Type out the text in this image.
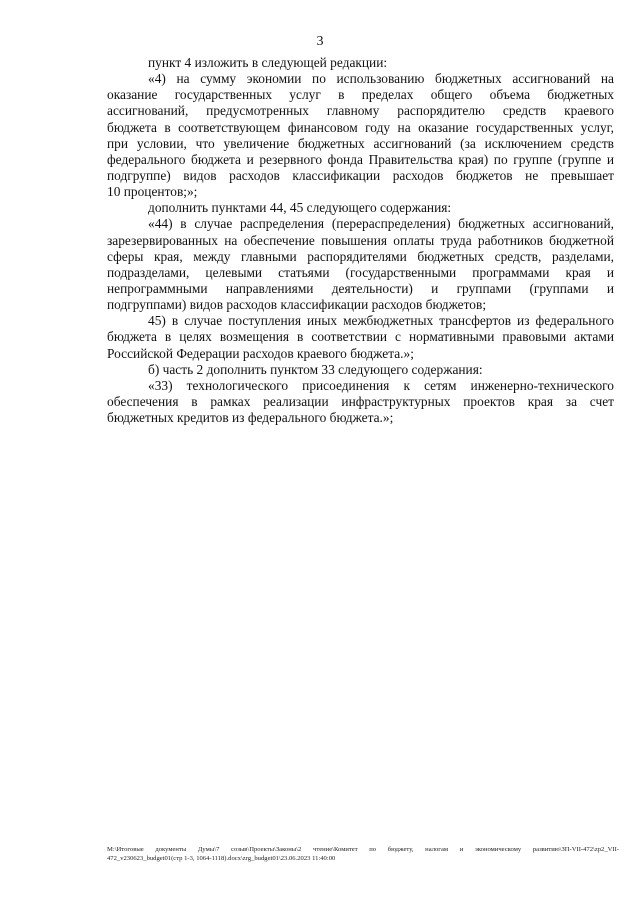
3
пункт 4 изложить в следующей редакции:
«4) на сумму экономии по использованию бюджетных ассигнований на
оказание государственных услуг в пределах общего объема бюджетных
ассигнований, предусмотренных главному распорядителю средств краевого
бюджета в соответствующем финансовом году на оказание государственных услуг,
при условии, что увеличение бюджетных ассигнований (за исключением средств
федерального бюджета и резервного фонда Правительства края) по группе (группе и
подгруппе) видов расходов классификации расходов бюджетов не превышает
10 процентов;»;
дополнить пунктами 44, 45 следующего содержания:
«44) в случае распределения (перераспределения) бюджетных ассигнований,
зарезервированных на обеспечение повышения оплаты труда работников бюджетной
сферы края, между главными распорядителями бюджетных средств, разделами,
подразделами, целевыми статьями (государственными программами края и
непрограммными направлениями деятельности) и группами (группами и
подгруппами) видов расходов классификации расходов бюджетов;
45) в случае поступления иных межбюджетных трансфертов из федерального
бюджета в целях возмещения в соответствии с нормативными правовыми актами
Российской Федерации расходов краевого бюджета.»;
б) часть 2 дополнить пунктом 33 следующего содержания:
«33) технологического присоединения к сетям инженерно-технического
обеспечения в рамках реализации инфраструктурных проектов края за счет
бюджетных кредитов из федерального бюджета.»;
М:\Итоговые документы Думы\7 созыв\Проекты\Законы\2 чтение\Комитет по бюджету, налогам и экономическому развитию\ЗП-VII-472\zp2_VII-
472_v230623_budget01(стр 1-3, 1064-1118).docx\zrg_budget01\23.06.2023 11:40:00
